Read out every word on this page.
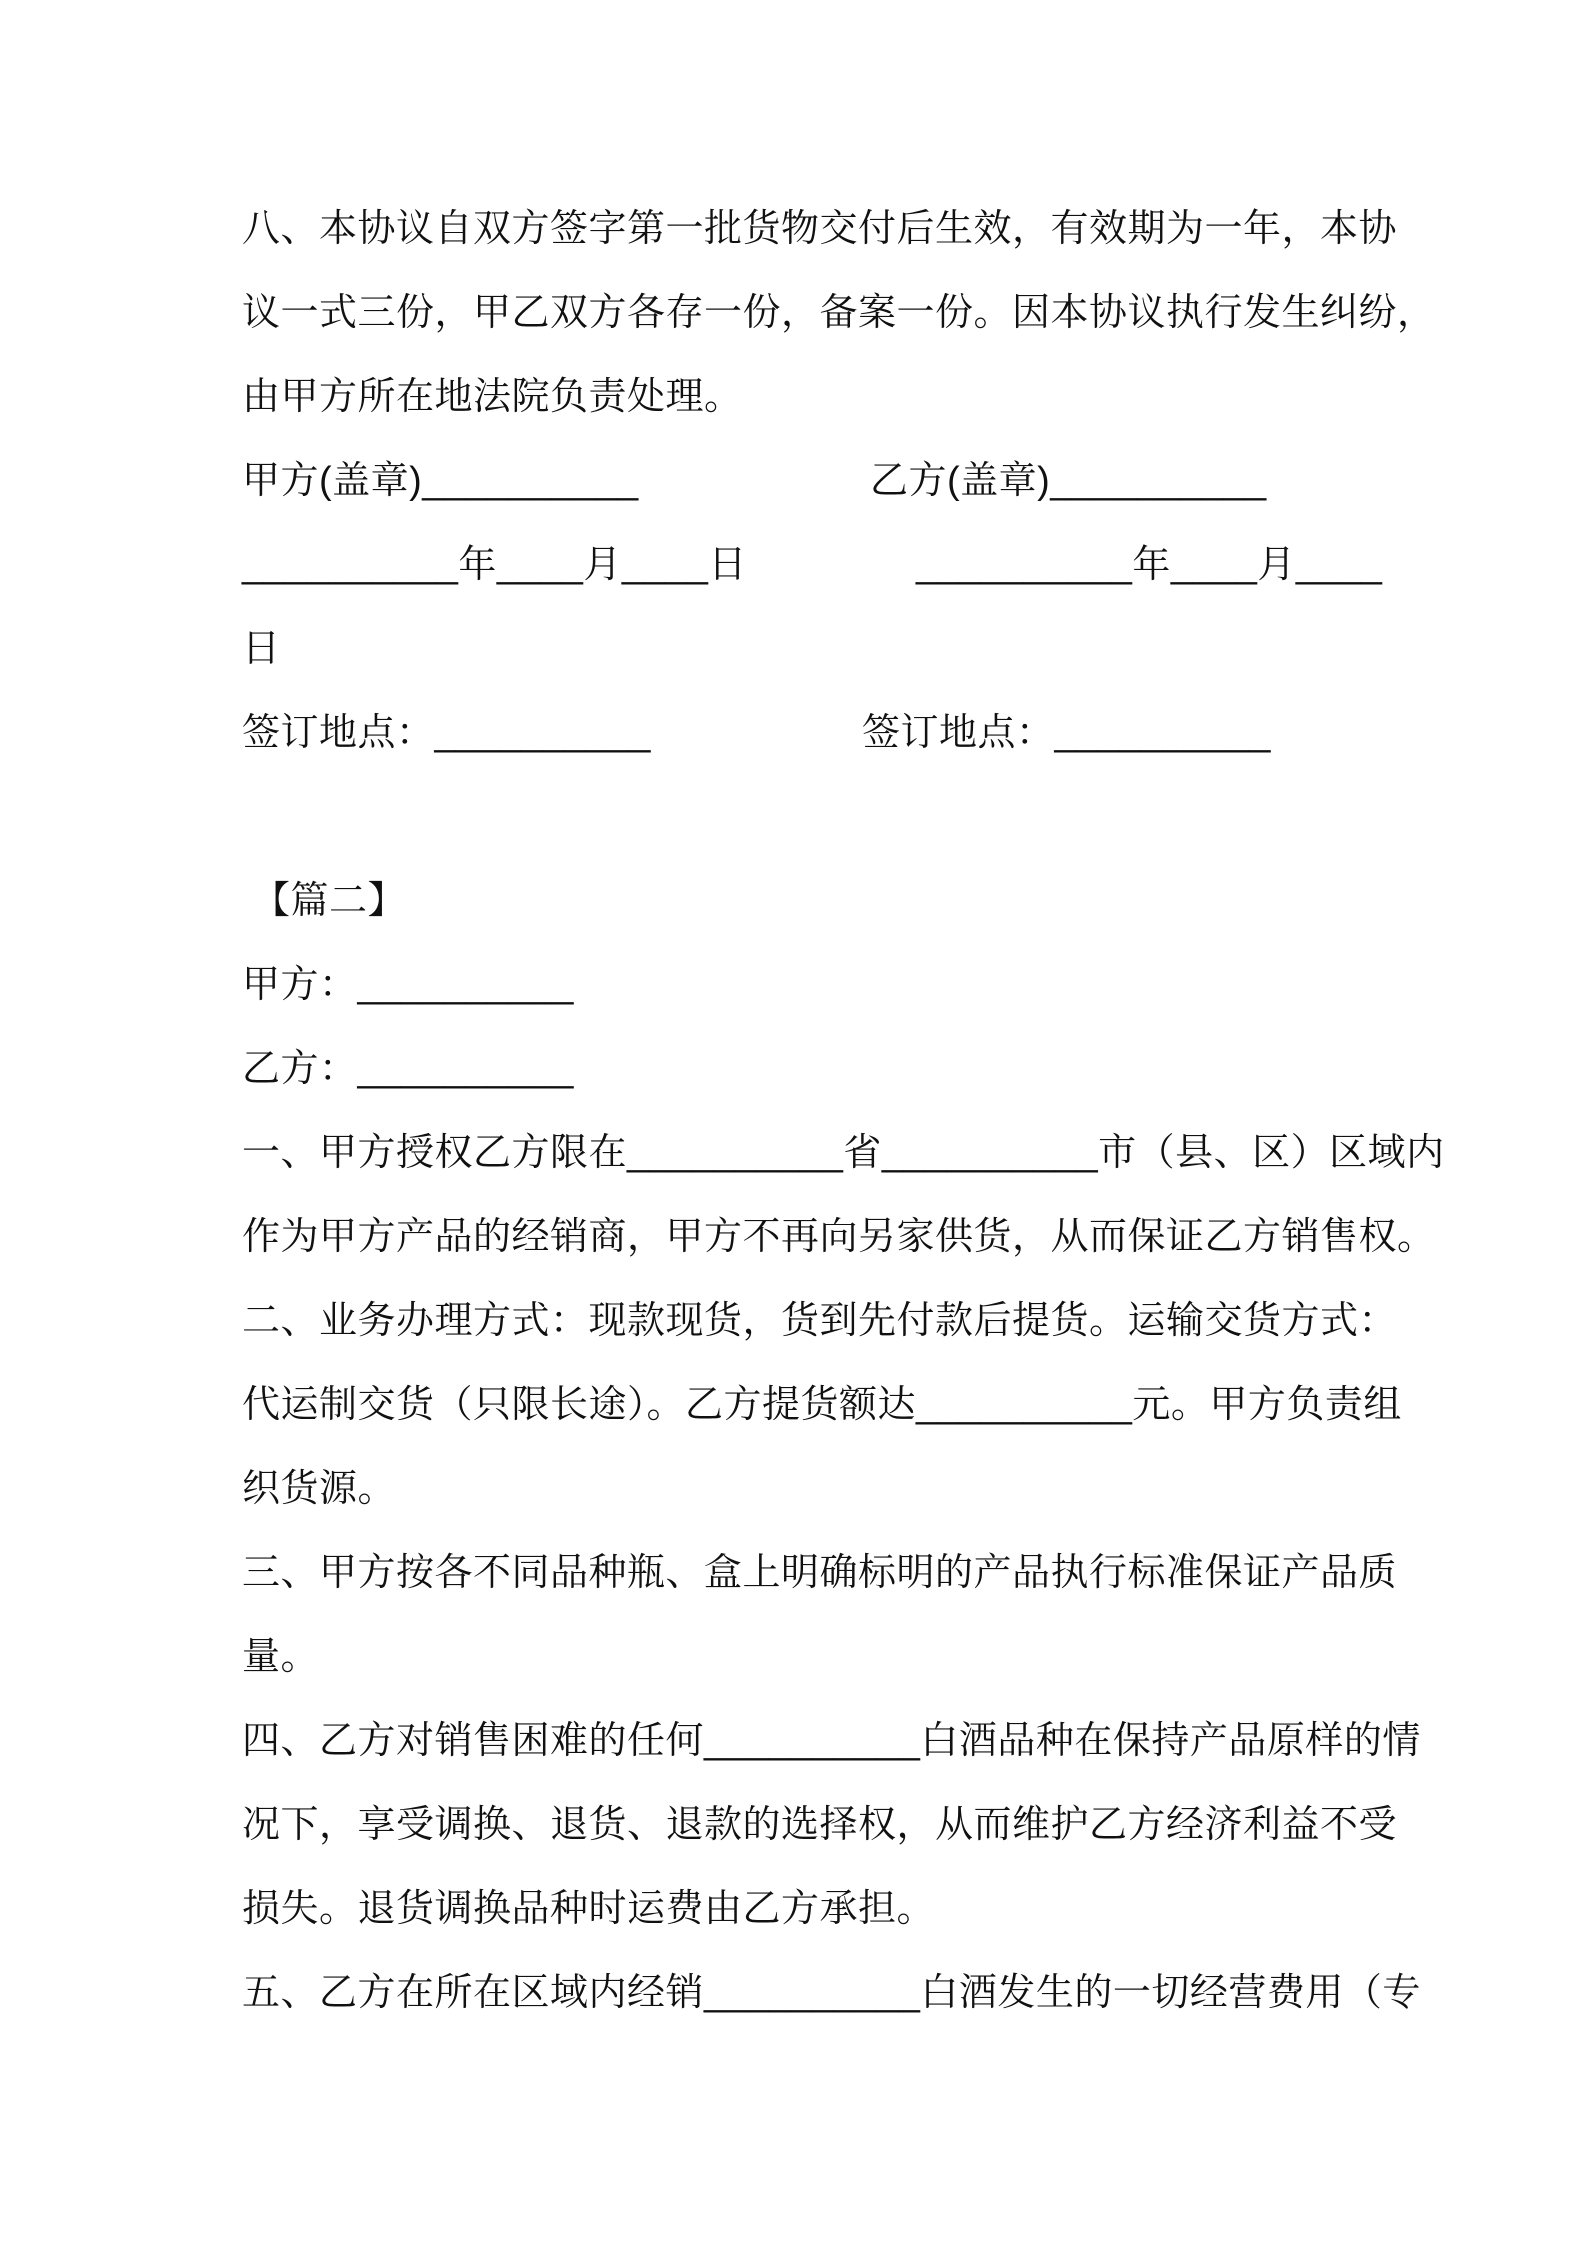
八、本协议自双方签字第一批货物交付后生效，有效期为一年，本协
议一式三份，甲乙双方各存一份，备案一份。因本协议执行发生纠纷，
由甲方所在地法院负责处理。
甲方(盖章)__________	乙方(盖章)__________
__________年____月____日	__________年____月____
日
签订地点：__________	签订地点：__________
【篇二】
甲方：__________
乙方：__________
一、甲方授权乙方限在__________省__________市（县、区）区域内
作为甲方产品的经销商，甲方不再向另家供货，从而保证乙方销售权。
二、业务办理方式：现款现货，货到先付款后提货。运输交货方式：
代运制交货（只限长途）。乙方提货额达__________元。甲方负责组
织货源。
三、甲方按各不同品种瓶、盒上明确标明的产品执行标准保证产品质
量。
四、乙方对销售困难的任何__________白酒品种在保持产品原样的情
况下，享受调换、退货、退款的选择权，从而维护乙方经济利益不受
损失。退货调换品种时运费由乙方承担。
五、乙方在所在区域内经销__________白酒发生的一切经营费用（专
